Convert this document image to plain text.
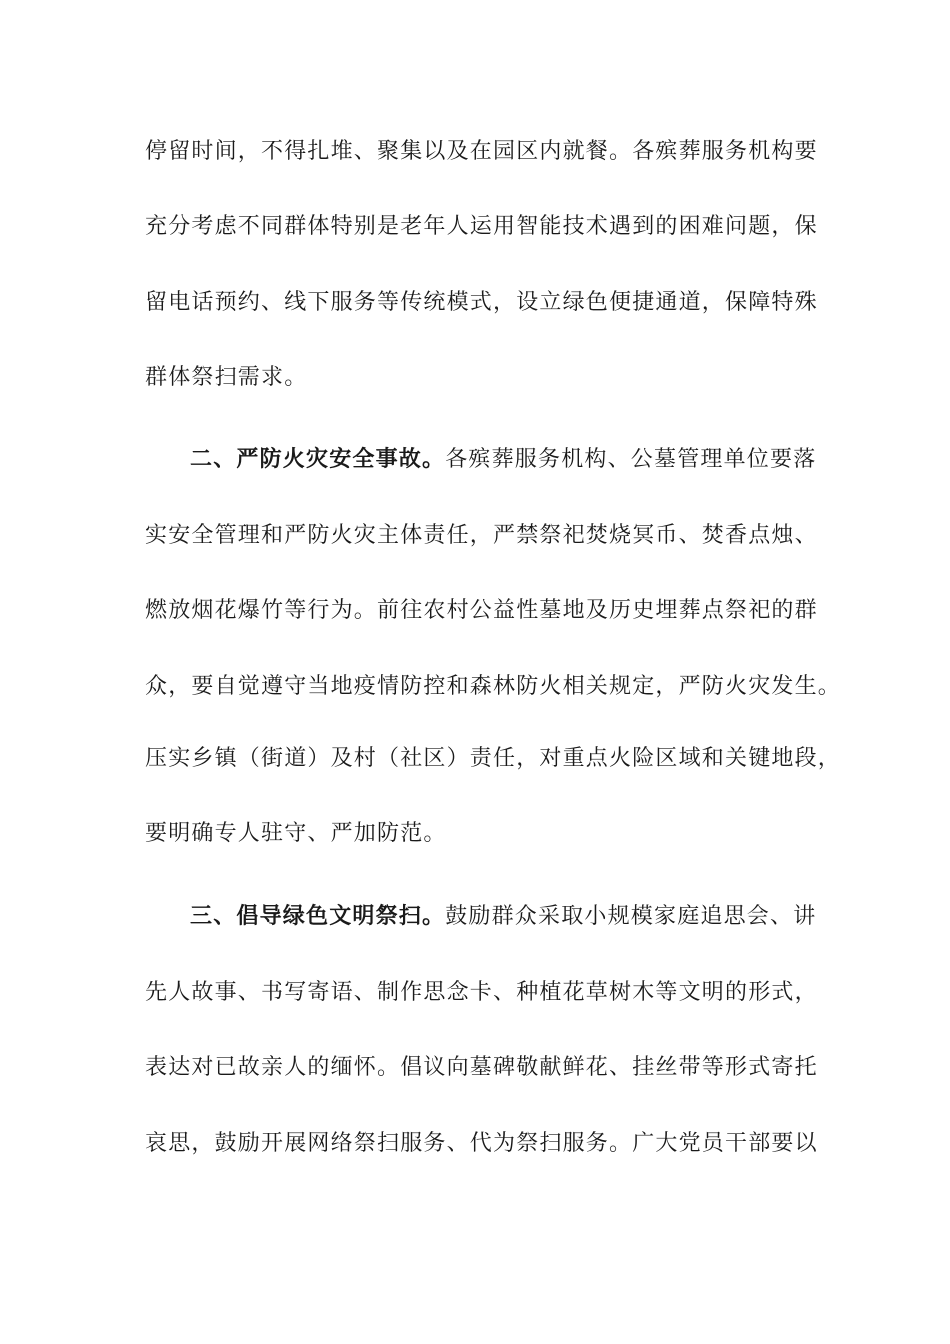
停留时间，不得扎堆、聚集以及在园区内就餐。各殡葬服务机构要
充分考虑不同群体特别是老年人运用智能技术遇到的困难问题，保
留电话预约、线下服务等传统模式，设立绿色便捷通道，保障特殊
群体祭扫需求。
二、严防火灾安全事故。各殡葬服务机构、公墓管理单位要落
实安全管理和严防火灾主体责任，严禁祭祀焚烧冥币、焚香点烛、
燃放烟花爆竹等行为。前往农村公益性墓地及历史埋葬点祭祀的群
众，要自觉遵守当地疫情防控和森林防火相关规定，严防火灾发生。
压实乡镇（街道）及村（社区）责任，对重点火险区域和关键地段，
要明确专人驻守、严加防范。
三、倡导绿色文明祭扫。鼓励群众采取小规模家庭追思会、讲
先人故事、书写寄语、制作思念卡、种植花草树木等文明的形式，
表达对已故亲人的缅怀。倡议向墓碑敬献鲜花、挂丝带等形式寄托
哀思，鼓励开展网络祭扫服务、代为祭扫服务。广大党员干部要以
